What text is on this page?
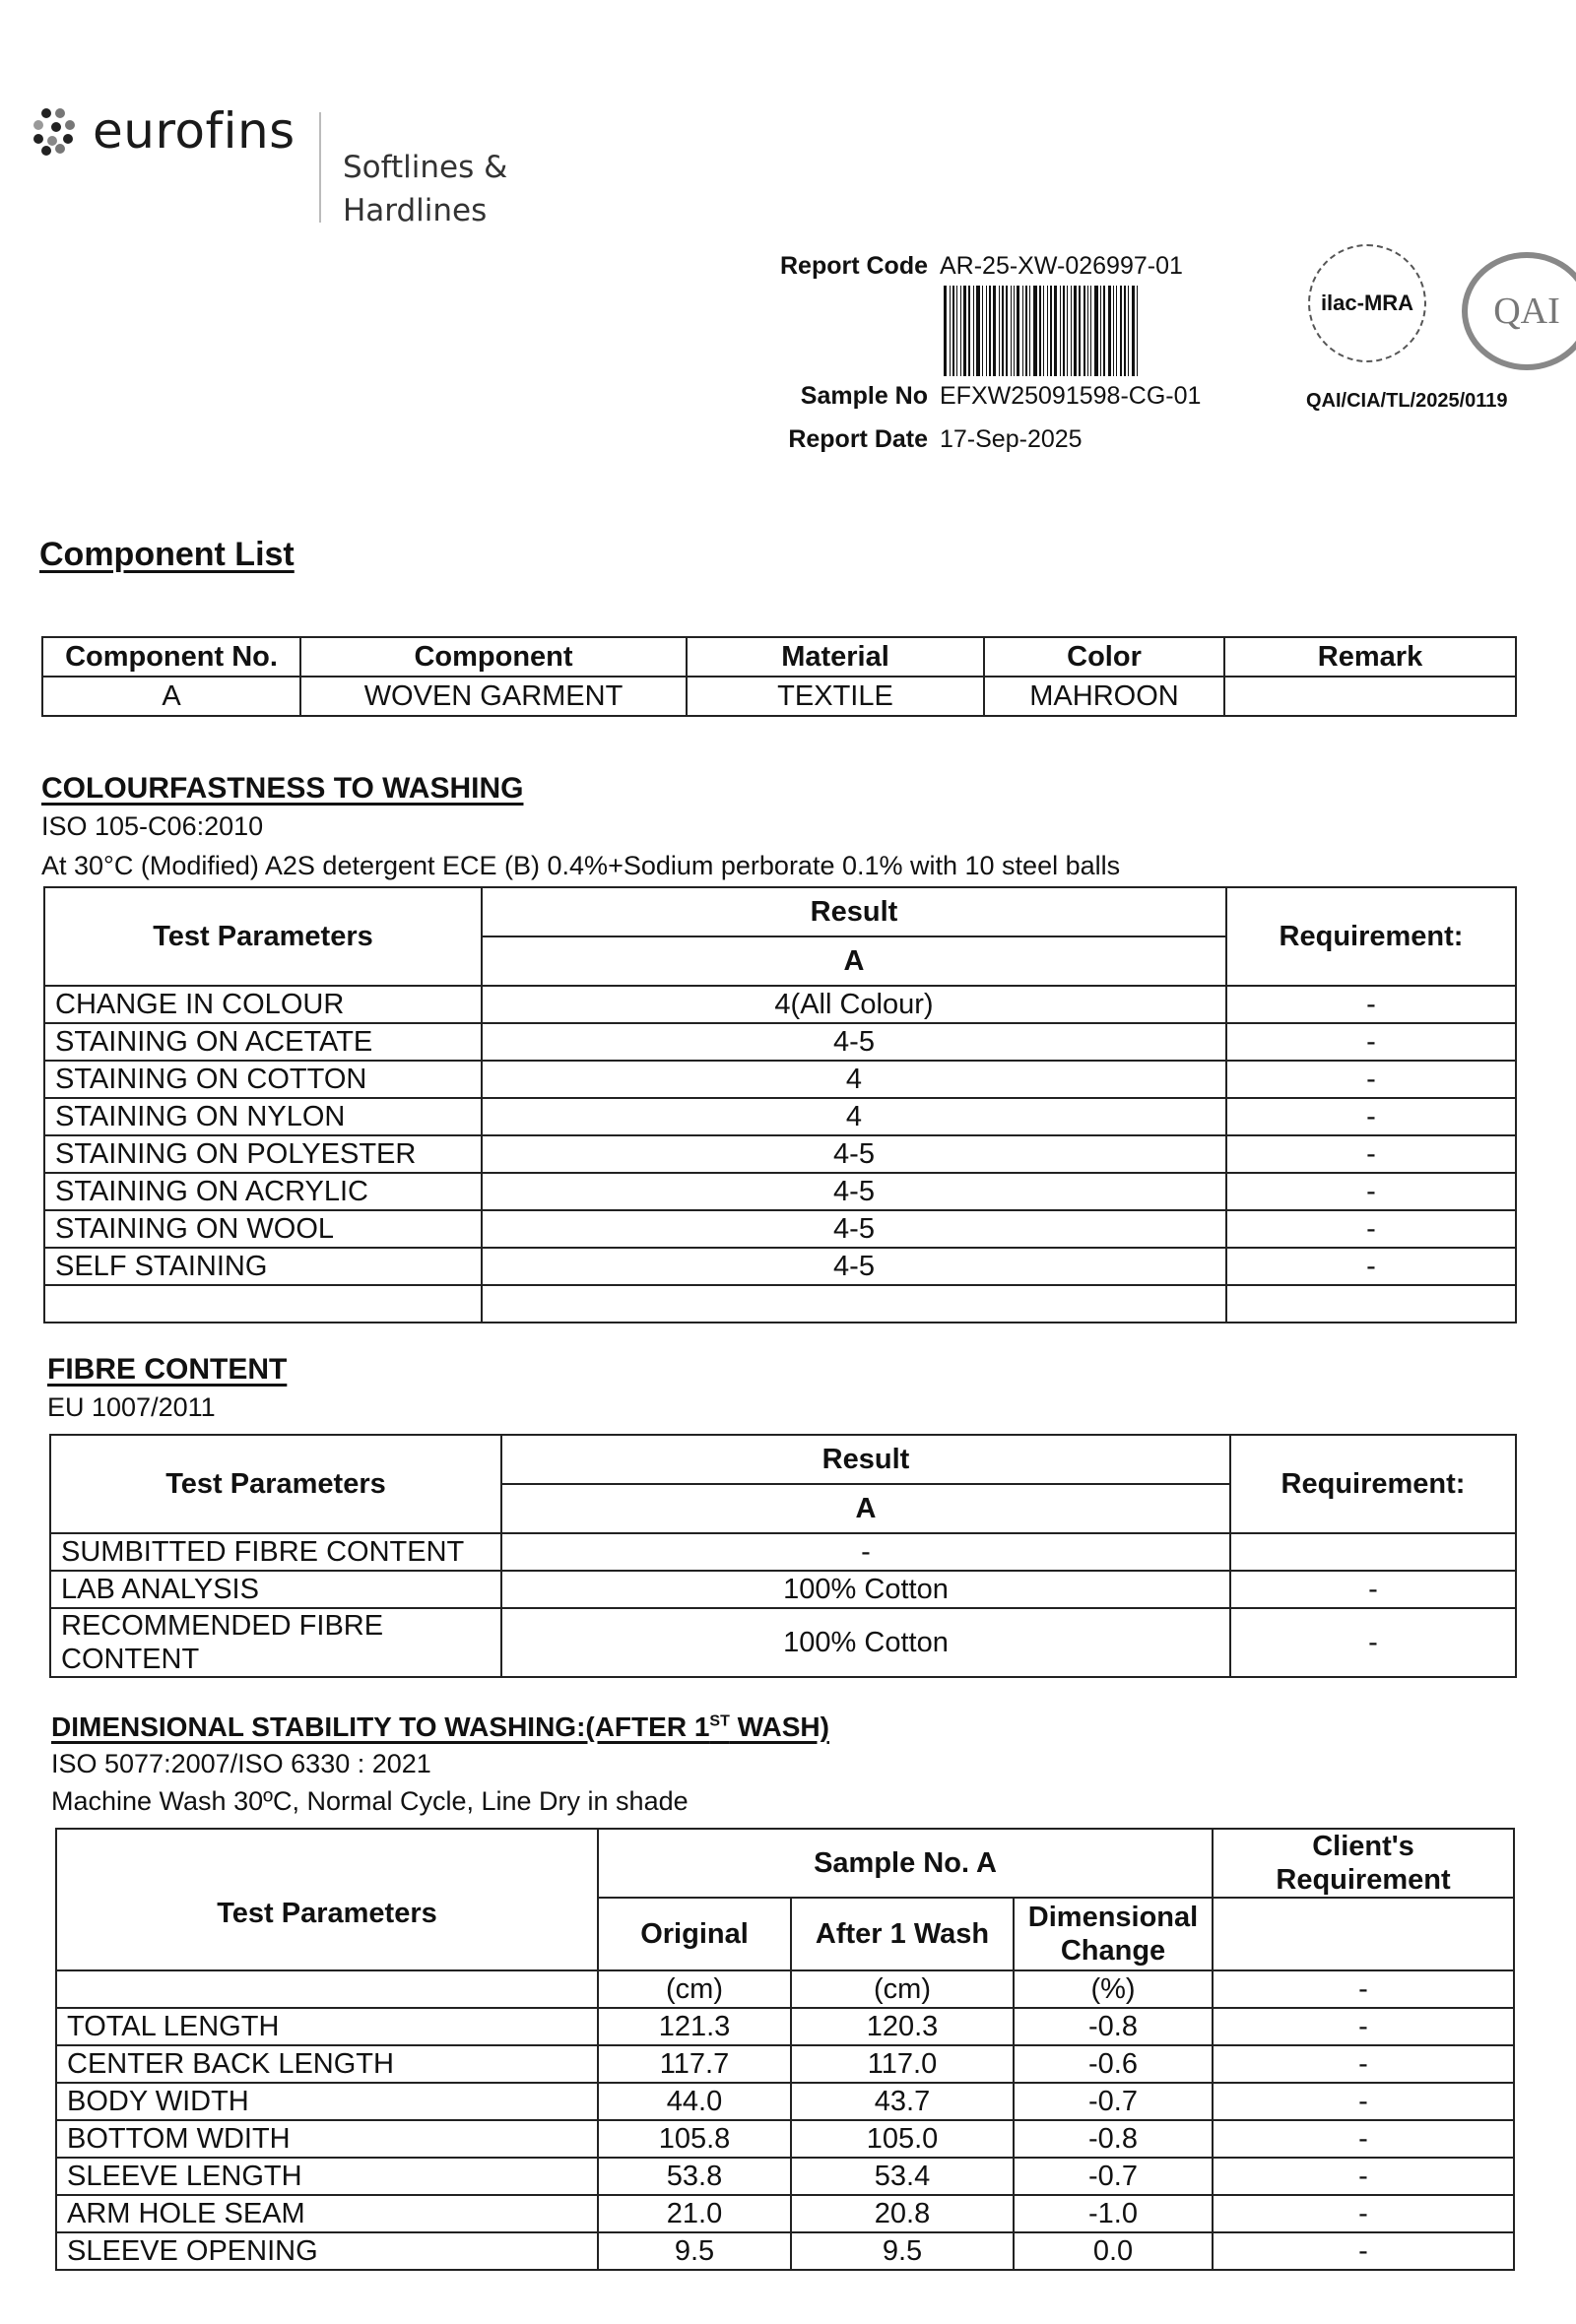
eurofins
Softlines &
Hardlines
Report Code AR-25-XW-026997-01
Sample No EFXW25091598-CG-01
Report Date 17-Sep-2025
ilac-MRA	QAI
QAI/CIA/TL/2025/0119
Component List
Component No.	Component	Material	Color	Remark
A	WOVEN GARMENT	TEXTILE	MAHROON	
COLOURFASTNESS TO WASHING
ISO 105-C06:2010
At 30°C (Modified) A2S detergent ECE (B) 0.4%+Sodium perborate 0.1% with 10 steel balls
Test Parameters	Result	Requirement:
	A	
CHANGE IN COLOUR	4(All Colour)	-
STAINING ON ACETATE	4-5	-
STAINING ON COTTON	4	-
STAINING ON NYLON	4	-
STAINING ON POLYESTER	4-5	-
STAINING ON ACRYLIC	4-5	-
STAINING ON WOOL	4-5	-
SELF STAINING	4-5	-

FIBRE CONTENT
EU 1007/2011
Test Parameters	Result	Requirement:
	A	
SUMBITTED FIBRE CONTENT	-	
LAB ANALYSIS	100% Cotton	-
RECOMMENDED FIBRE CONTENT	100% Cotton	-
DIMENSIONAL STABILITY TO WASHING:(AFTER 1ST WASH)
ISO 5077:2007/ISO 6330 : 2021
Machine Wash 30ºC, Normal Cycle, Line Dry in shade
Test Parameters	Sample No. A			Client's Requirement
	Original	After 1 Wash	Dimensional Change	
	(cm)	(cm)	(%)	-
TOTAL LENGTH	121.3	120.3	-0.8	-
CENTER BACK LENGTH	117.7	117.0	-0.6	-
BODY WIDTH	44.0	43.7	-0.7	-
BOTTOM WDITH	105.8	105.0	-0.8	-
SLEEVE LENGTH	53.8	53.4	-0.7	-
ARM HOLE SEAM	21.0	20.8	-1.0	-
SLEEVE OPENING	9.5	9.5	0.0	-
